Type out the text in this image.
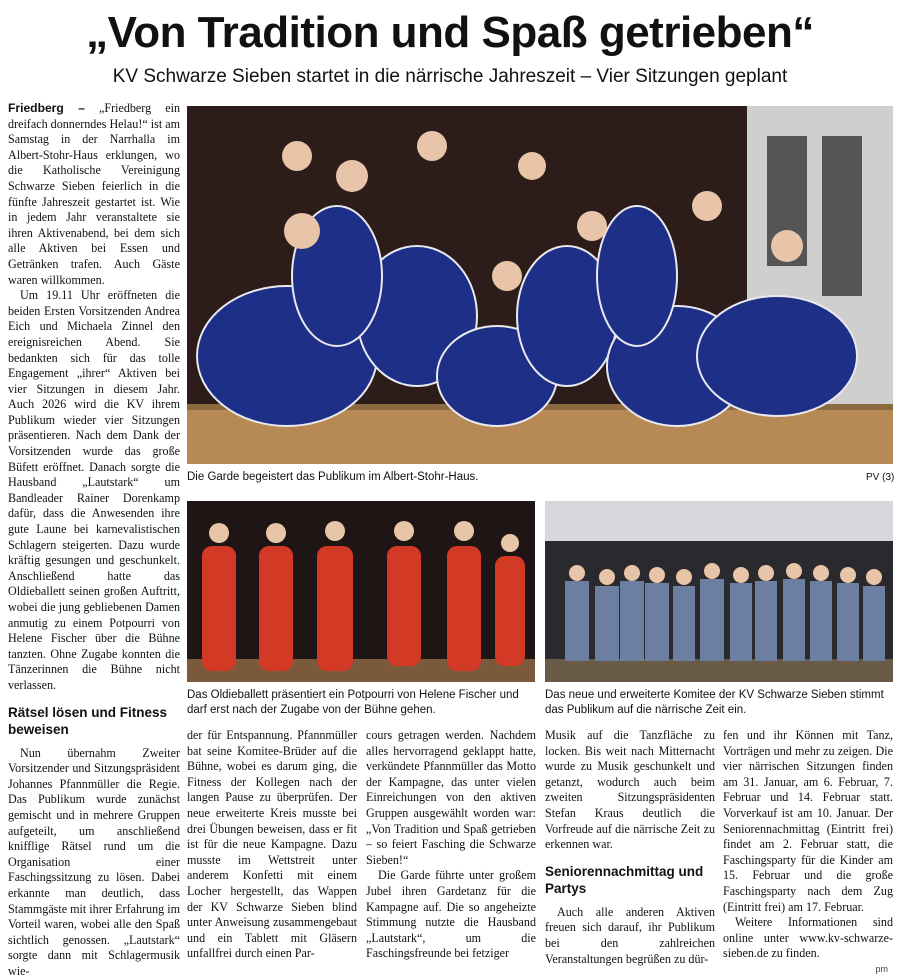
„Von Tradition und Spaß getrieben“
KV Schwarze Sieben startet in die närrische Jahreszeit – Vier Sitzungen geplant

Friedberg – „Friedberg ein dreifach donnerndes Helau!“ ist am Samstag in der Narrhalla im Albert-Stohr-Haus erklungen, wo die Katholische Vereinigung Schwarze Sieben feierlich in die fünfte Jahreszeit gestartet ist. Wie in jedem Jahr veranstaltete sie ihren Aktivenabend, bei dem sich alle Aktiven bei Essen und Getränken trafen. Auch Gäste waren willkommen.

Um 19.11 Uhr eröffneten die beiden Ersten Vorsitzenden Andrea Eich und Michaela Zinnel den ereignisreichen Abend. Sie bedankten sich für das tolle Engagement „ihrer“ Aktiven bei vier Sitzungen in diesem Jahr. Auch 2026 wird die KV ihrem Publikum wieder vier Sitzungen präsentieren. Nach dem Dank der Vorsitzenden wurde das große Büfett eröffnet. Danach sorgte die Hausband „Lautstark“ um Bandleader Rainer Dorenkamp dafür, dass die Anwesenden ihre gute Laune bei karnevalistischen Schlagern steigerten. Dazu wurde kräftig gesungen und geschunkelt. Anschließend hatte das Oldieballett seinen großen Auftritt, wobei die jung gebliebenen Damen anmutig zu einem Potpourri von Helene Fischer über die Bühne tanzten. Ohne Zugabe konnten die Tänzerinnen die Bühne nicht verlassen.

Rätsel lösen und Fitness beweisen

Nun übernahm Zweiter Vorsitzender und Sitzungspräsident Johannes Pfannmüller die Regie. Das Publikum wurde zunächst gemischt und in mehrere Gruppen aufgeteilt, um anschließend knifflige Rätsel rund um die Organisation einer Faschingssitzung zu lösen. Dabei erkannte man deutlich, dass Stammgäste mit ihrer Erfahrung im Vorteil waren, wobei alle den Spaß sichtlich genossen. „Lautstark“ sorgte dann mit Schlagermusik wie-

Die Garde begeistert das Publikum im Albert-Stohr-Haus.	PV (3)
Das Oldieballett präsentiert ein Potpourri von Helene Fischer und darf erst nach der Zugabe von der Bühne gehen.
Das neue und erweiterte Komitee der KV Schwarze Sieben stimmt das Publikum auf die närrische Zeit ein.

der für Entspannung. Pfannmüller bat seine Komitee-Brüder auf die Bühne, wobei es darum ging, die Fitness der Kollegen nach der langen Pause zu überprüfen. Der neue erweiterte Kreis musste bei drei Übungen beweisen, dass er fit ist für die neue Kampagne. Dazu musste im Wettstreit unter anderem Konfetti mit einem Locher hergestellt, das Wappen der KV Schwarze Sieben blind unter Anweisung zusammengebaut und ein Tablett mit Gläsern unfallfrei durch einen Par-

cours getragen werden. Nachdem alles hervorragend geklappt hatte, verkündete Pfannmüller das Motto der Kampagne, das unter vielen Einreichungen von den aktiven Gruppen ausgewählt worden war: „Von Tradition und Spaß getrieben – so feiert Fasching die Schwarze Sieben!“

Die Garde führte unter großem Jubel ihren Gardetanz für die Kampagne auf. Die so angeheizte Stimmung nutzte die Hausband „Lautstark“, um die Faschingsfreunde bei fetziger

Musik auf die Tanzfläche zu locken. Bis weit nach Mitternacht wurde zu Musik geschunkelt und getanzt, wodurch auch beim zweiten Sitzungspräsidenten Stefan Kraus deutlich die Vorfreude auf die närrische Zeit zu erkennen war.

Seniorennachmittag und Partys

Auch alle anderen Aktiven freuen sich darauf, ihr Publikum bei den zahlreichen Veranstaltungen begrüßen zu dür-

fen und ihr Können mit Tanz, Vorträgen und mehr zu zeigen. Die vier närrischen Sitzungen finden am 31. Januar, am 6. Februar, 7. Februar und 14. Februar statt. Vorverkauf ist am 10. Januar. Der Seniorennachmittag (Eintritt frei) findet am 2. Februar statt, die Faschingsparty für die Kinder am 15. Februar und die große Faschingsparty nach dem Zug (Eintritt frei) am 17. Februar.

Weitere Informationen sind online unter www.kv-schwarze-sieben.de zu finden.

pm
